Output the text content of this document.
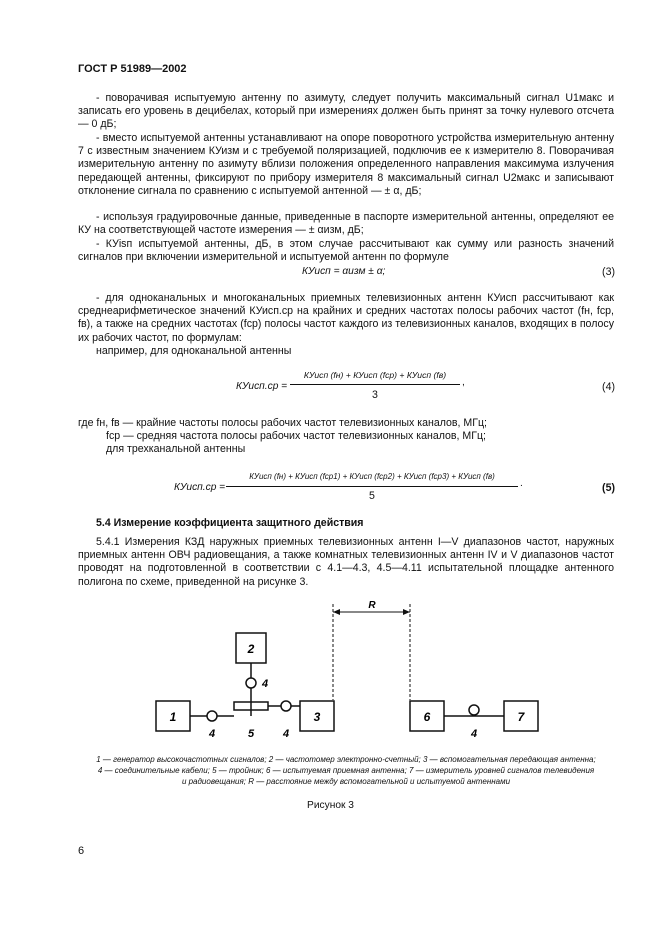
ГОСТ Р 51989—2002

- поворачивая испытуемую антенну по азимуту, следует получить максимальный сигнал U1макс и записать его уровень в децибелах, который при измерениях должен быть принят за точку нулевого отсчета — 0 дБ;

- вместо испытуемой антенны устанавливают на опоре поворотного устройства измерительную антенну 7 с известным значением КУизм и с требуемой поляризацией, подключив ее к измерителю 8. Поворачивая измерительную антенну по азимуту вблизи положения определенного направления максимума излучения передающей антенны, фиксируют по прибору измерителя 8 максимальный сигнал U2макс и записывают отклонение сигнала по сравнению с испытуемой антенной — ± α, дБ;

- используя градуировочные данные, приведенные в паспорте измерительной антенны, определяют ее КУ на соответствующей частоте измерения — ± αизм, дБ;

- КУisп испытуемой антенны, дБ, в этом случае рассчитывают как сумму или разность значений сигналов при включении измерительной и испытуемой антенн по формуле

КУисп = αизм ± α;	(3)

- для одноканальных и многоканальных приемных телевизионных антенн КУисп рассчитывают как среднеарифметическое значений КУисп.ср на крайних и средних частотах полосы рабочих частот (fн, fср, fв), а также на средних частотах (fср) полосы частот каждого из телевизионных каналов, входящих в полосу их рабочих частот, по формулам:

например, для одноканальной антенны

КУисп.ср =
КУисп (fн) + КУисп (fср) + КУисп (fв)
3
,	(4)

где fн, fв — крайние частоты полосы рабочих частот телевизионных каналов, МГц;

fср — средняя частота полосы рабочих частот телевизионных каналов, МГц;

для трехканальной антенны

КУисп.ср =
КУисп (fн) + КУисп (fср1) + КУисп (fср2) + КУисп (fср3) + КУисп (fв)
5
.	(5)
5.4 Измерение коэффициента защитного действия

5.4.1 Измерения КЗД наружных приемных телевизионных антенн I—V диапазонов частот, наружных приемных антенн ОВЧ радиовещания, а также комнатных телевизионных антенн IV и V диапазонов частот проводят на подготовленной в соответствии с 4.1—4.3, 4.5—4.11 испытательной площадке антенного полигона по схеме, приведенной на рисунке 3.

R
2
4
1
4	5	4
3	6
4
7
1 — генератор высокочастотных сигналов; 2 — частотомер электронно-счетный; 3 — вспомогательная передающая антенна;
4 — соединительные кабели; 5 — тройник; 6 — испытуемая приемная антенна; 7 — измеритель уровней сигналов телевидения
и радиовещания; R — расстояние между вспомогательной и испытуемой антеннами
Рисунок 3
6
